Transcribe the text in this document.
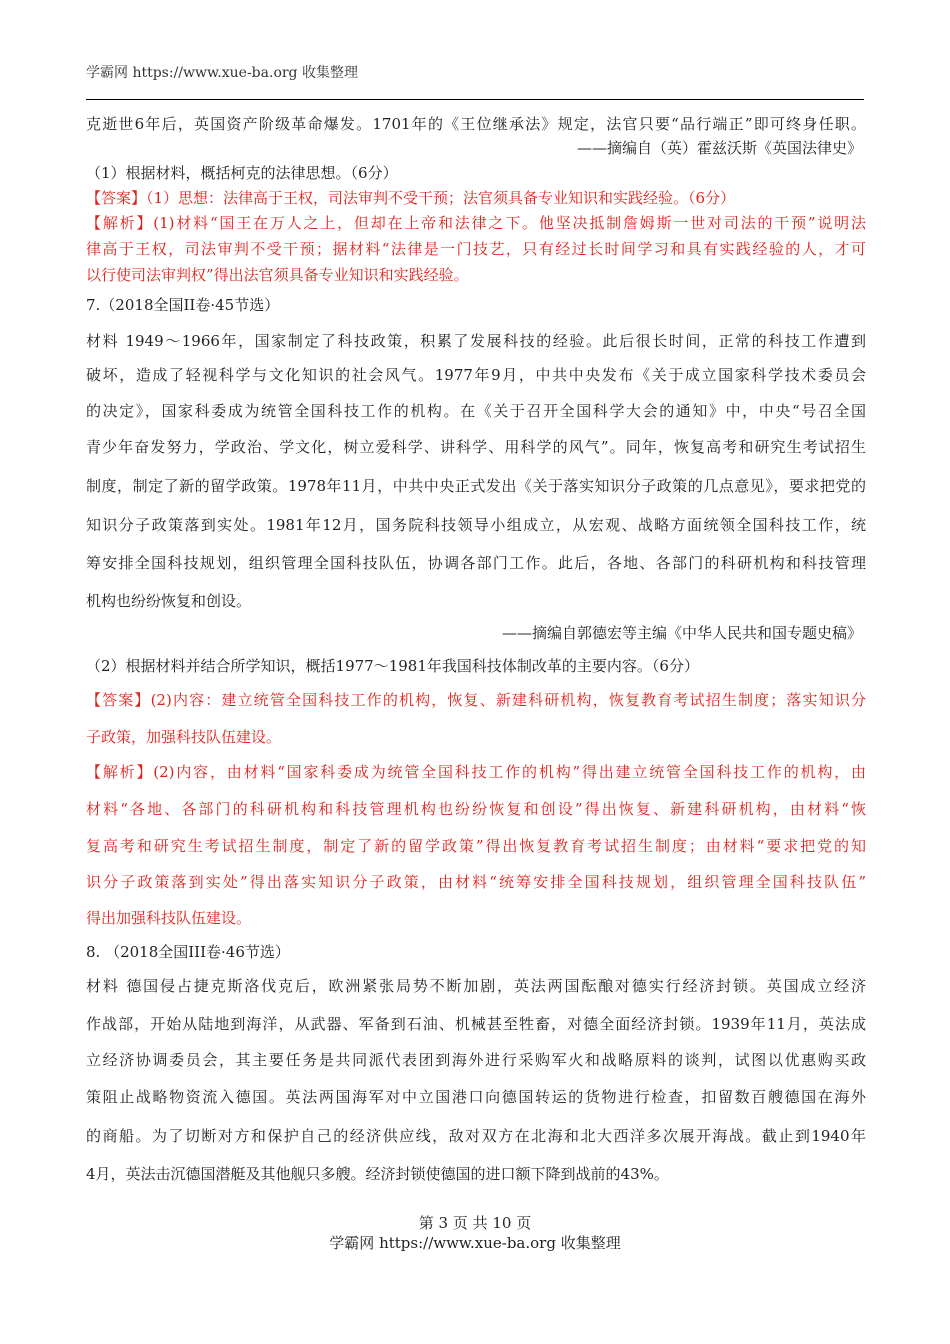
学霸网 https://www.xue-ba.org 收集整理
克逝世6年后，英国资产阶级革命爆发。1701年的《王位继承法》规定，法官只要“品行端正”即可终身任职。
——摘编自（英）霍兹沃斯《英国法律史》
（1）根据材料，概括柯克的法律思想。（6分）
【答案】（1）思想：法律高于王权，司法审判不受干预；法官须具备专业知识和实践经验。（6分）
【解析】(1)材料“国王在万人之上，但却在上帝和法律之下。他坚决抵制詹姆斯一世对司法的干预”说明法
律高于王权，司法审判不受干预；据材料“法律是一门技艺，只有经过长时间学习和具有实践经验的人，才可
以行使司法审判权”得出法官须具备专业知识和实践经验。
7.（2018全国II卷·45节选）
材料 1949～1966年，国家制定了科技政策，积累了发展科技的经验。此后很长时间，正常的科技工作遭到
破坏，造成了轻视科学与文化知识的社会风气。1977年9月，中共中央发布《关于成立国家科学技术委员会
的决定》，国家科委成为统管全国科技工作的机构。在《关于召开全国科学大会的通知》中，中央“号召全国
青少年奋发努力，学政治、学文化，树立爱科学、讲科学、用科学的风气”。同年，恢复高考和研究生考试招生
制度，制定了新的留学政策。1978年11月，中共中央正式发出《关于落实知识分子政策的几点意见》，要求把党的
知识分子政策落到实处。1981年12月，国务院科技领导小组成立，从宏观、战略方面统领全国科技工作，统
筹安排全国科技规划，组织管理全国科技队伍，协调各部门工作。此后，各地、各部门的科研机构和科技管理
机构也纷纷恢复和创设。
——摘编自郭德宏等主编《中华人民共和国专题史稿》
（2）根据材料并结合所学知识，概括1977～1981年我国科技体制改革的主要内容。（6分）
【答案】(2)内容：建立统管全国科技工作的机构，恢复、新建科研机构，恢复教育考试招生制度；落实知识分
子政策，加强科技队伍建设。
【解析】(2)内容，由材料“国家科委成为统管全国科技工作的机构”得出建立统管全国科技工作的机构，由
材料“各地、各部门的科研机构和科技管理机构也纷纷恢复和创设”得出恢复、新建科研机构，由材料“恢
复高考和研究生考试招生制度，制定了新的留学政策”得出恢复教育考试招生制度；由材料“要求把党的知
识分子政策落到实处”得出落实知识分子政策，由材料“统筹安排全国科技规划，组织管理全国科技队伍”
得出加强科技队伍建设。
8. （2018全国III卷·46节选）
材料 德国侵占捷克斯洛伐克后，欧洲紧张局势不断加剧，英法两国酝酿对德实行经济封锁。英国成立经济
作战部，开始从陆地到海洋，从武器、军备到石油、机械甚至牲畜，对德全面经济封锁。1939年11月，英法成
立经济协调委员会，其主要任务是共同派代表团到海外进行采购军火和战略原料的谈判，试图以优惠购买政
策阻止战略物资流入德国。英法两国海军对中立国港口向德国转运的货物进行检查，扣留数百艘德国在海外
的商船。为了切断对方和保护自己的经济供应线，敌对双方在北海和北大西洋多次展开海战。截止到1940年
4月，英法击沉德国潜艇及其他舰只多艘。经济封锁使德国的进口额下降到战前的43%。
第 3 页 共 10 页
学霸网 https://www.xue-ba.org 收集整理
